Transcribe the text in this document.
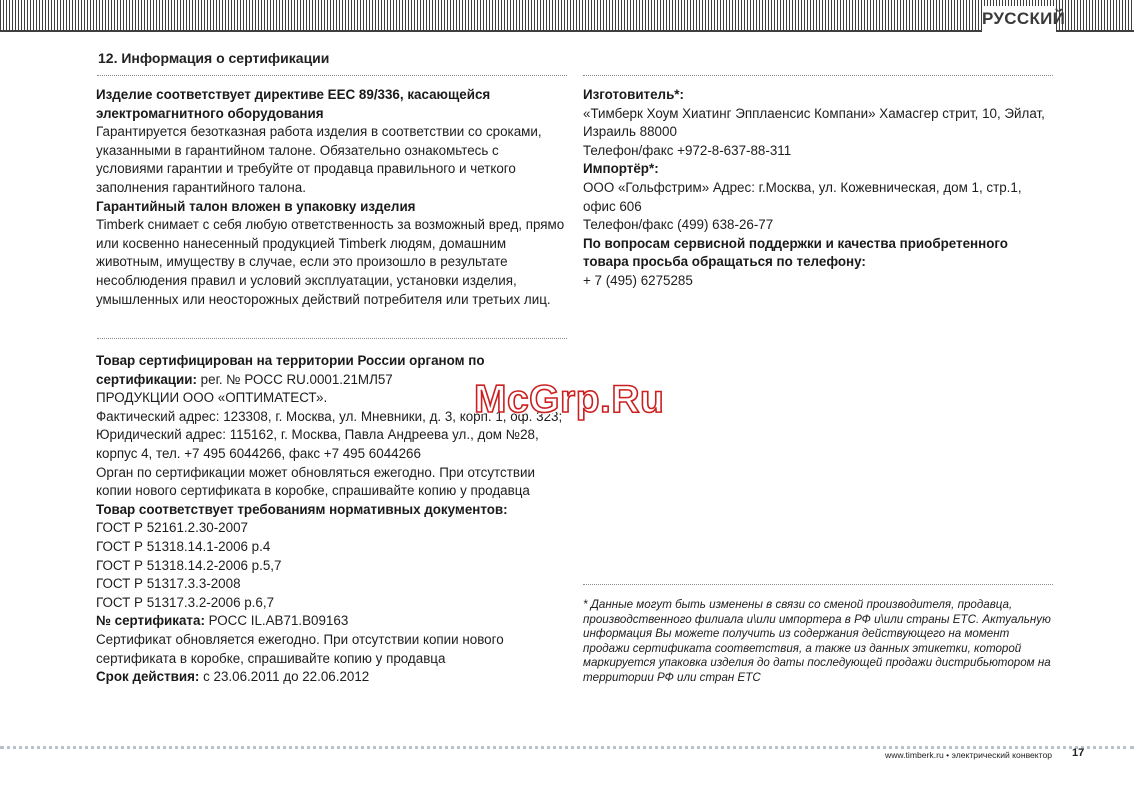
РУССКИЙ
12. Информация о сертификации

Изделие соответствует директиве ЕЕС 89/336, касающейся электромагнитного оборудования

Гарантируется безотказная работа изделия в соответствии со сроками, указанными в гарантийном талоне. Обязательно ознакомьтесь с условиями гарантии и требуйте от продавца правильного и четкого заполнения гарантийного талона.

Гарантийный талон вложен в упаковку изделия

Timberk снимает с себя любую ответственность за возможный вред, прямо или косвенно нанесенный продукцией Timberk людям, домашним животным, имуществу в случае, если это произошло в результате несоблюдения правил и условий эксплуатации, установки изделия, умышленных или неосторожных действий потребителя или третьих лиц.

Товар сертифицирован на территории России органом по

сертификации: рег. № РОСС RU.0001.21МЛ57

ПРОДУКЦИИ ООО «ОПТИМАТЕСТ».

Фактический адрес: 123308, г. Москва, ул. Мневники, д. 3, корп. 1, оф. 323; Юридический адрес: 115162, г. Москва, Павла Андреева ул., дом №28, корпус 4, тел. +7 495 6044266, факс +7 495 6044266

Орган по сертификации может обновляться ежегодно. При отсутствии копии нового сертификата в коробке, спрашивайте копию у продавца

Товар соответствует требованиям нормативных документов:

ГОСТ Р 52161.2.30-2007

ГОСТ Р 51318.14.1-2006 р.4

ГОСТ Р 51318.14.2-2006 р.5,7

ГОСТ Р 51317.3.3-2008

ГОСТ Р 51317.3.2-2006 р.6,7

№ сертификата: РОСС IL.АВ71.В09163

Сертификат обновляется ежегодно. При отсутствии копии нового сертификата в коробке, спрашивайте копию у продавца

Срок действия: с 23.06.2011 до 22.06.2012

Изготовитель*:

«Тимберк Хоум Хиатинг Эпплаенсис Компани» Хамасгер стрит, 10, Эйлат, Израиль 88000

Телефон/факс +972-8-637-88-311

Импортёр*:

ООО «Гольфстрим» Адрес: г.Москва, ул. Кожевническая, дом 1, стр.1, офис 606

Телефон/факс (499) 638-26-77

По вопросам сервисной поддержки и качества приобретенного товара просьба обращаться по телефону:

+ 7 (495) 6275285

* Данные могут быть изменены в связи со сменой производителя, продавца, производственного филиала и\или импортера в РФ и\или страны ЕТС. Актуальную информация Вы можете получить из содержания действующего на момент продажи сертификата соответствия, а также из данных этикетки, которой маркируется упаковка изделия до даты последующей продажи дистрибьютором на территории РФ или стран ЕТС
www.timberk.ru • электрический конвектор 17
McGrp.Ru
